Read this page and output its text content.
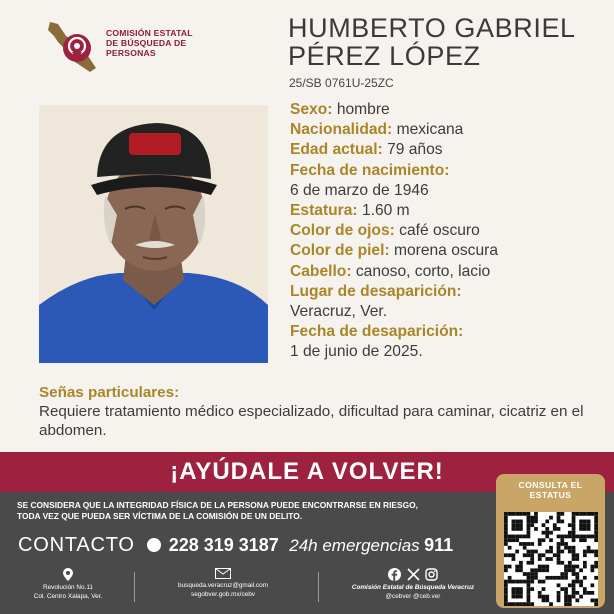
COMISIÓN ESTATAL
DE BÚSQUEDA DE
PERSONAS
HUMBERTO GABRIEL
PÉREZ LÓPEZ
25/SB 0761U-25ZC
Sexo: hombre
Nacionalidad: mexicana
Edad actual: 79 años
Fecha de nacimiento:
6 de marzo de 1946
Estatura: 1.60 m
Color de ojos: café oscuro
Color de piel: morena oscura
Cabello: canoso, corto, lacio
Lugar de desaparición:
Veracruz, Ver.
Fecha de desaparición:
1 de junio de 2025.
Señas particulares:
Requiere tratamiento médico especializado, dificultad para caminar, cicatriz en el abdomen.
¡AYÚDALE A VOLVER!
SE CONSIDERA QUE LA INTEGRIDAD FÍSICA DE LA PERSONA PUEDE ENCONTRARSE EN RIESGO,
TODA VEZ QUE PUEDA SER VÍCTIMA DE LA COMISIÓN DE UN DELITO.
CONTACTO 228 319 3187 24h emergencias 911
Revolución No.11
Col. Centro Xalapa, Ver.
busqueda.veracruz@gmail.com
segobver.gob.mx/cebv

Comisión Estatal de Búsqueda Veracruz
@cebver @ceb.ver
CONSULTA EL
ESTATUS
